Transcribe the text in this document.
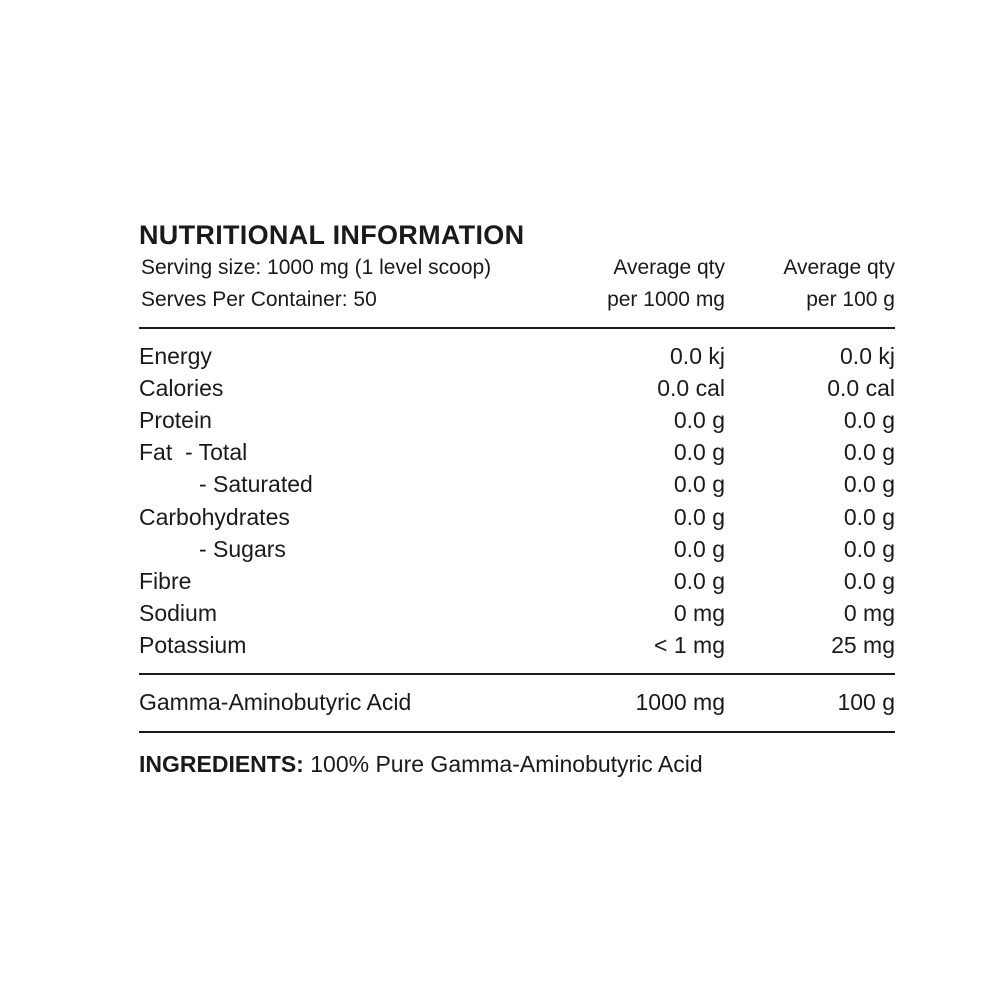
NUTRITIONAL INFORMATION
Serving size: 1000 mg (1 level scoop)	Average qty	Average qty
Serves Per Container: 50	per 1000 mg	per 100 g
Energy	0.0 kj	0.0 kj
Calories	0.0 cal	0.0 cal
Protein	0.0 g	0.0 g
Fat  - Total	0.0 g	0.0 g
- Saturated	0.0 g	0.0 g
Carbohydrates	0.0 g	0.0 g
- Sugars	0.0 g	0.0 g
Fibre	0.0 g	0.0 g
Sodium	0 mg	0 mg
Potassium	< 1 mg	25 mg
Gamma-Aminobutyric Acid	1000 mg	100 g
INGREDIENTS: 100% Pure Gamma-Aminobutyric Acid
